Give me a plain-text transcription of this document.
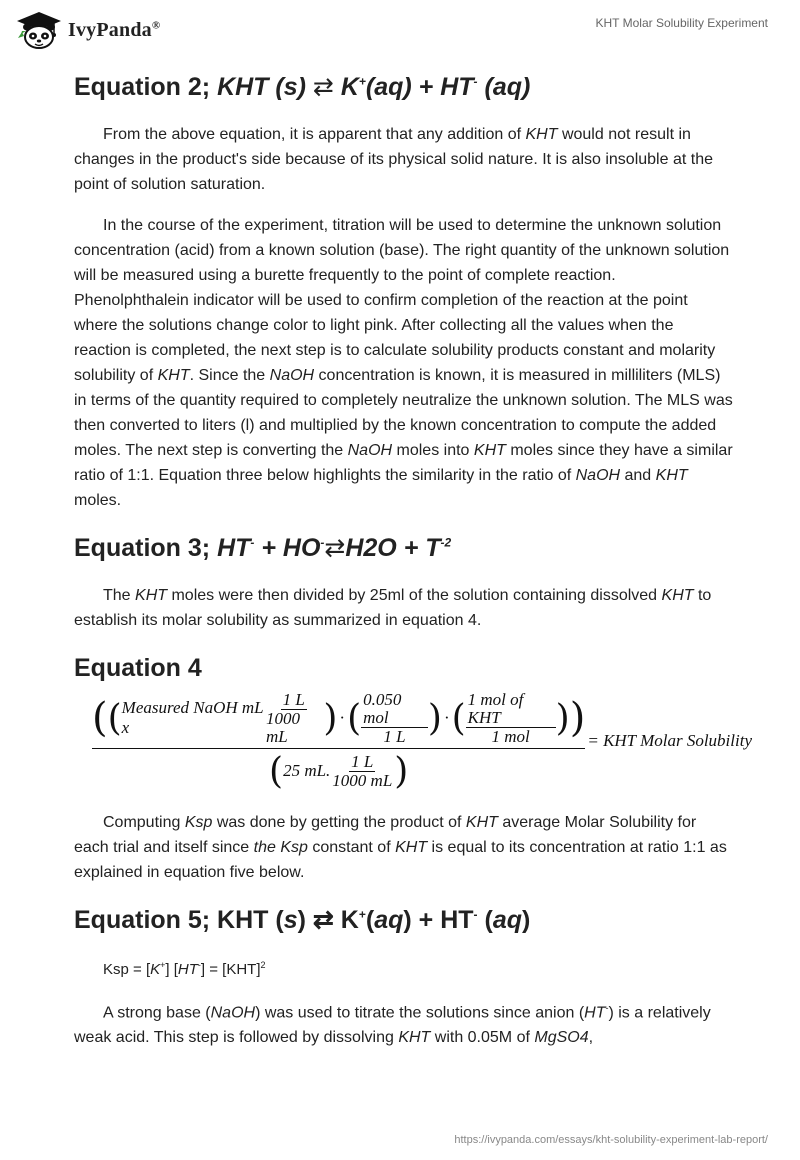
IvyPanda®	KHT Molar Solubility Experiment
Equation 2; KHT (s) ⇄ K+(aq) + HT- (aq)

From the above equation, it is apparent that any addition of KHT would not result in changes in the product's side because of its physical solid nature. It is also insoluble at the point of solution saturation.

In the course of the experiment, titration will be used to determine the unknown solution concentration (acid) from a known solution (base). The right quantity of the unknown solution will be measured using a burette frequently to the point of complete reaction. Phenolphthalein indicator will be used to confirm completion of the reaction at the point where the solutions change color to light pink. After collecting all the values when the reaction is completed, the next step is to calculate solubility products constant and molarity solubility of KHT. Since the NaOH concentration is known, it is measured in milliliters (MLS) in terms of the quantity required to completely neutralize the unknown solution. The MLS was then converted to liters (l) and multiplied by the known concentration to compute the added moles. The next step is converting the NaOH moles into KHT moles since they have a similar ratio of 1:1. Equation three below highlights the similarity in the ratio of NaOH and KHT moles.

Equation 3; HT- + HO-⇄H2O + $T^{-2}$

The KHT moles were then divided by 25ml of the solution containing dissolved KHT to establish its molar solubility as summarized in equation 4.

Equation 4
( ( Measured NaOH mL x	$\frac{1 L}{1000 mL}$ ) · ( $\frac{\text{0.050 mol}}{1 L}$ ) · ( $\frac{\text{1 mol of KHT}}{\text{1 mol}}$ ) )
( 25 mL. $\frac{1 L}{1000 mL}$ )
= KHT Molar Solubility

Computing Ksp was done by getting the product of KHT average Molar Solubility for each trial and itself since the Ksp constant of KHT is equal to its concentration at ratio 1:1 as explained in equation five below.

Equation 5; KHT (s) ⇄ K+(aq) + HT- (aq)

Ksp = [K+] [HT-] = [KHT]$^2$

A strong base (NaOH) was used to titrate the solutions since anion (HT-) is a relatively weak acid. This step is followed by dissolving KHT with 0.05M of MgSO4,

https://ivypanda.com/essays/kht-solubility-experiment-lab-report/
